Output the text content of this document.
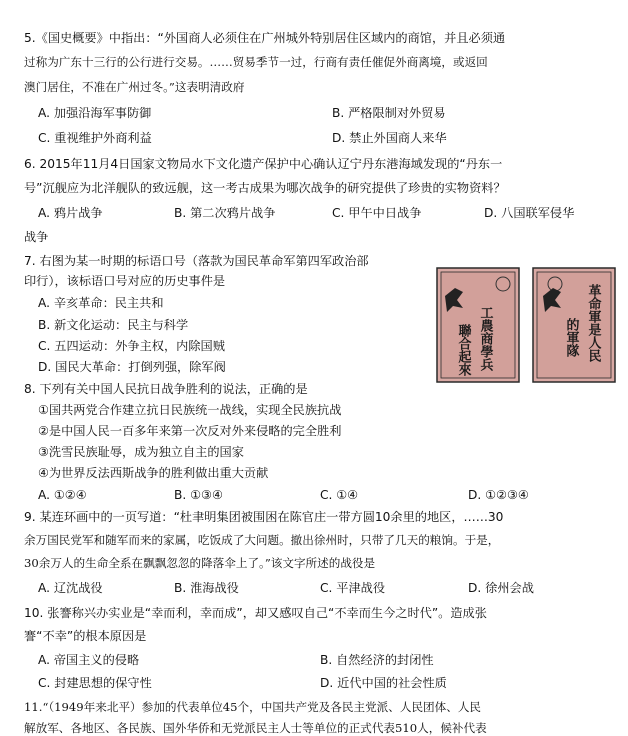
5.《国史概要》中指出：“外国商人必须住在广州城外特别居住区域内的商馆，并且必须通
过称为广东十三行的公行进行交易。……贸易季节一过，行商有责任催促外商离境，或返回
澳门居住，不准在广州过冬。”这表明清政府
A. 加强沿海军事防御	B. 严格限制对外贸易
C. 重视维护外商利益	D. 禁止外国商人来华
6. 2015年11月4日国家文物局水下文化遗产保护中心确认辽宁丹东港海域发现的“丹东一
号”沉舰应为北洋舰队的致远舰，这一考古成果为哪次战争的研究提供了珍贵的实物资料？
A. 鸦片战争	B. 第二次鸦片战争	C. 甲午中日战争	D. 八国联军侵华
战争
7. 右图为某一时期的标语口号（落款为国民革命军第四军政治部
印行），该标语口号对应的历史事件是
A. 辛亥革命：民主共和
B. 新文化运动：民主与科学
C. 五四运动：外争主权，内除国贼
D. 国民大革命：打倒列强，除军阀	工農商學兵
聯合起來	革命軍是人民
的軍隊
8. 下列有关中国人民抗日战争胜利的说法，正确的是
①国共两党合作建立抗日民族统一战线，实现全民族抗战
②是中国人民一百多年来第一次反对外来侵略的完全胜利
③洗雪民族耻辱，成为独立自主的国家
④为世界反法西斯战争的胜利做出重大贡献
A. ①②④	B. ①③④	C. ①④	D. ①②③④
9. 某连环画中的一页写道：“杜聿明集团被围困在陈官庄一带方圆10余里的地区，……30
余万国民党军和随军而来的家属，吃饭成了大问题。撤出徐州时，只带了几天的粮饷。于是，
30余万人的生命全系在飘飘忽忽的降落伞上了。”该文字所述的战役是
A. 辽沈战役	B. 淮海战役	C. 平津战役	D. 徐州会战
10. 张謇称兴办实业是“幸而利，幸而成”，却又感叹自己“不幸而生今之时代”。造成张
謇“不幸”的根本原因是
A. 帝国主义的侵略	B. 自然经济的封闭性
C. 封建思想的保守性	D. 近代中国的社会性质
11.“（1949年来北平）参加的代表单位45个，中国共产党及各民主党派、人民团体、人民
解放军、各地区、各民族、国外华侨和无党派民主人士等单位的正式代表510人，候补代表
